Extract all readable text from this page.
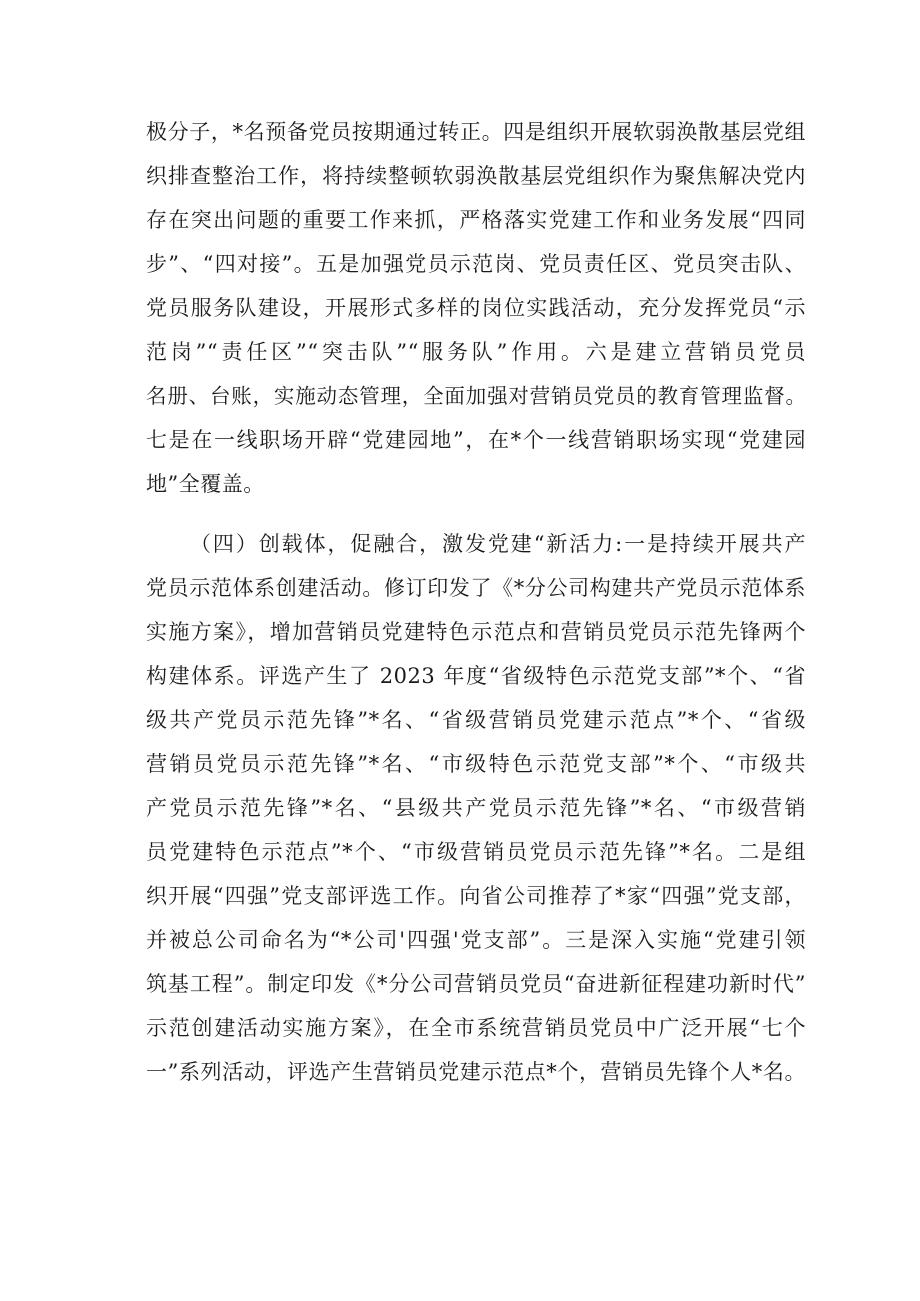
极分子，*名预备党员按期通过转正。四是组织开展软弱涣散基层党组
织排查整治工作，将持续整顿软弱涣散基层党组织作为聚焦解决党内
存在突出问题的重要工作来抓，严格落实党建工作和业务发展“四同
步”、“四对接”。五是加强党员示范岗、党员责任区、党员突击队、
党员服务队建设，开展形式多样的岗位实践活动，充分发挥党员“示
范岗”“责任区”“突击队”“服务队”作用。六是建立营销员党员
名册、台账，实施动态管理，全面加强对营销员党员的教育管理监督。
七是在一线职场开辟“党建园地”，在*个一线营销职场实现“党建园
地”全覆盖。
（四）创载体，促融合，激发党建“新活力:一是持续开展共产
党员示范体系创建活动。修订印发了《*分公司构建共产党员示范体系
实施方案》，增加营销员党建特色示范点和营销员党员示范先锋两个
构建体系。评选产生了 2023 年度“省级特色示范党支部”*个、“省
级共产党员示范先锋”*名、“省级营销员党建示范点”*个、“省级
营销员党员示范先锋”*名、“市级特色示范党支部”*个、“市级共
产党员示范先锋”*名、“县级共产党员示范先锋”*名、“市级营销
员党建特色示范点”*个、“市级营销员党员示范先锋”*名。二是组
织开展“四强”党支部评选工作。向省公司推荐了*家“四强”党支部，
并被总公司命名为“*公司'四强'党支部”。三是深入实施“党建引领
筑基工程”。制定印发《*分公司营销员党员“奋进新征程建功新时代”
示范创建活动实施方案》，在全市系统营销员党员中广泛开展“七个
一”系列活动，评选产生营销员党建示范点*个，营销员先锋个人*名。
